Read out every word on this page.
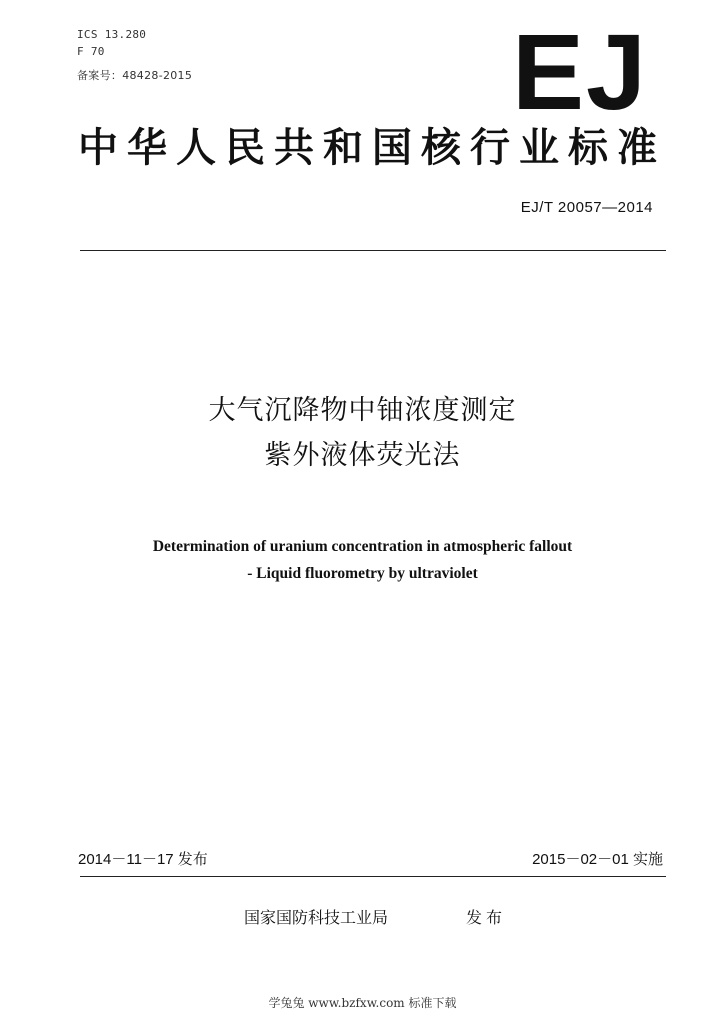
ICS 13.280
F 70
备案号：48428-2015	EJ
中华人民共和国核行业标准
EJ/T 20057—2014
大气沉降物中铀浓度测定
紫外液体荧光法
Determination of uranium concentration in atmospheric fallout
- Liquid fluorometry by ultraviolet
2014－11－17 发布	2015－02－01 实施
国家国防科技工业局	发布
学兔兔 www.bzfxw.com 标准下载
